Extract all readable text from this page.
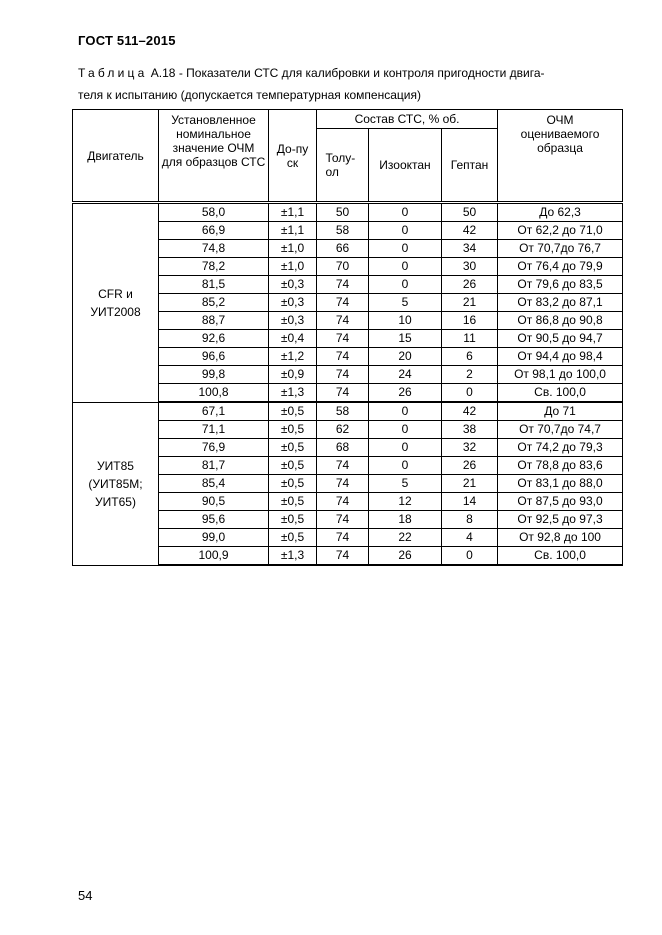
ГОСТ 511–2015
Таблица А.18 - Показатели СТС для калибровки и контроля пригодности двига-
теля к испытанию (допускается температурная компенсация)
Двигатель	Установленное номинальное значение ОЧМ для образцов СТС	До-пуск	Состав СТС, % об.			ОЧМ оцениваемого образца
			Толу-ол	Изооктан	Гептан	

CFR и
УИТ2008	58,0	±1,1	50	0	50	До 62,3
	66,9	±1,1	58	0	42	От 62,2 до 71,0
	74,8	±1,0	66	0	34	От 70,7до 76,7
	78,2	±1,0	70	0	30	От 76,4 до 79,9
	81,5	±0,3	74	0	26	От 79,6 до 83,5
	85,2	±0,3	74	5	21	От 83,2 до 87,1
	88,7	±0,3	74	10	16	От 86,8 до 90,8
	92,6	±0,4	74	15	11	От 90,5 до 94,7
	96,6	±1,2	74	20	6	От 94,4 до 98,4
	99,8	±0,9	74	24	2	От 98,1 до 100,0
	100,8	±1,3	74	26	0	Св. 100,0

УИТ85
(УИТ85М;
УИТ65)	67,1	±0,5	58	0	42	До 71
	71,1	±0,5	62	0	38	От 70,7до 74,7
	76,9	±0,5	68	0	32	От 74,2 до 79,3
	81,7	±0,5	74	0	26	От 78,8 до 83,6
	85,4	±0,5	74	5	21	От 83,1 до 88,0
	90,5	±0,5	74	12	14	От 87,5 до 93,0
	95,6	±0,5	74	18	8	От 92,5 до 97,3
	99,0	±0,5	74	22	4	От 92,8 до 100
	100,9	±1,3	74	26	0	Св. 100,0
54
